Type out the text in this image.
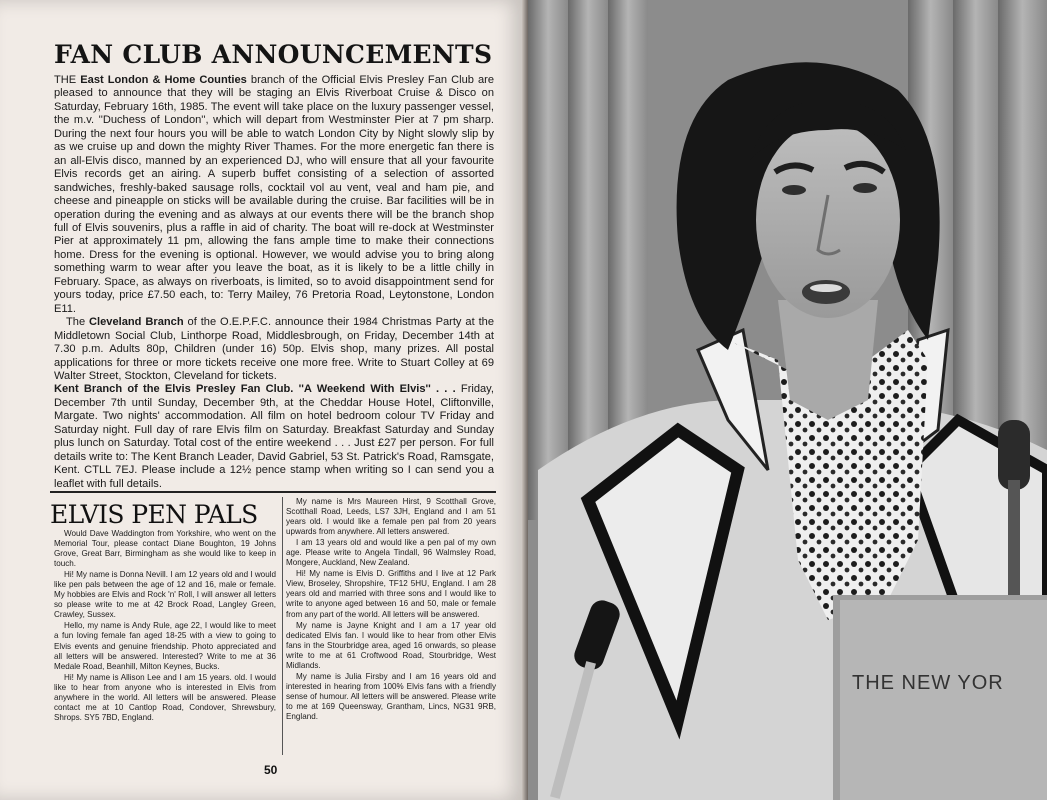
FAN CLUB ANNOUNCEMENTS

THE East London & Home Counties branch of the Official Elvis Presley Fan Club are pleased to announce that they will be staging an Elvis Riverboat Cruise & Disco on Saturday, February 16th, 1985. The event will take place on the luxury passenger vessel, the m.v. ''Duchess of London'', which will depart from Westminster Pier at 7 pm sharp. During the next four hours you will be able to watch London City by Night slowly slip by as we cruise up and down the mighty River Thames. For the more energetic fan there is an all-Elvis disco, manned by an experienced DJ, who will ensure that all your favourite Elvis records get an airing. A superb buffet consisting of a selection of assorted sandwiches, freshly-baked sausage rolls, cocktail vol au vent, veal and ham pie, and cheese and pineapple on sticks will be available during the cruise. Bar facilities will be in operation during the evening and as always at our events there will be the branch shop full of Elvis souvenirs, plus a raffle in aid of charity. The boat will re-dock at Westminster Pier at approximately 11 pm, allowing the fans ample time to make their connections home. Dress for the evening is optional. However, we would advise you to bring along something warm to wear after you leave the boat, as it is likely to be a little chilly in February. Space, as always on riverboats, is limited, so to avoid disappointment send for yours today, price £7.50 each, to: Terry Mailey, 76 Pretoria Road, Leytonstone, London E11.

The Cleveland Branch of the O.E.P.F.C. announce their 1984 Christmas Party at the Middletown Social Club, Linthorpe Road, Middlesbrough, on Friday, December 14th at 7.30 p.m. Adults 80p, Children (under 16) 50p. Elvis shop, many prizes. All postal applications for three or more tickets receive one more free. Write to Stuart Colley at 69 Walter Street, Stockton, Cleveland for tickets.

Kent Branch of the Elvis Presley Fan Club. ''A Weekend With Elvis'' . . . Friday, December 7th until Sunday, December 9th, at the Cheddar House Hotel, Cliftonville, Margate. Two nights' accommodation. All film on hotel bedroom colour TV Friday and Saturday night. Full day of rare Elvis film on Saturday. Breakfast Saturday and Sunday plus lunch on Saturday. Total cost of the entire weekend . . . Just £27 per person. For full details write to: The Kent Branch Leader, David Gabriel, 53 St. Patrick's Road, Ramsgate, Kent. CTLL 7EJ. Please include a 12½ pence stamp when writing so I can send you a leaflet with full details.

ELVIS PEN PALS

Would Dave Waddington from Yorkshire, who went on the Memorial Tour, please contact Diane Boughton, 19 Johns Grove, Great Barr, Birmingham as she would like to keep in touch.

Hi! My name is Donna Nevill. I am 12 years old and I would like pen pals between the age of 12 and 16, male or female. My hobbies are Elvis and Rock 'n' Roll, I will answer all letters so please write to me at 42 Brock Road, Langley Green, Crawley, Sussex.

Hello, my name is Andy Rule, age 22, I would like to meet a fun loving female fan aged 18-25 with a view to going to Elvis events and genuine friendship. Photo appreciated and all letters will be answered. Interested? Write to me at 36 Medale Road, Beanhill, Milton Keynes, Bucks.

Hi! My name is Allison Lee and I am 15 years. old. I would like to hear from anyone who is interested in Elvis from anywhere in the world. All letters will be answered. Please contact me at 10 Cantlop Road, Condover, Shrewsbury, Shrops. SY5 7BD, England.

My name is Mrs Maureen Hirst, 9 Scotthall Grove, Scotthall Road, Leeds, LS7 3JH, England and I am 51 years old. I would like a female pen pal from 20 years upwards from anywhere. All letters answered.

I am 13 years old and would like a pen pal of my own age. Please write to Angela Tindall, 96 Walmsley Road, Mongere, Auckland, New Zealand.

Hi! My name is Elvis D. Griffiths and I live at 12 Park View, Broseley, Shropshire, TF12 5HU, England. I am 28 years old and married with three sons and I would like to write to anyone aged between 16 and 50, male or female from any part of the world. All letters will be answered.

My name is Jayne Knight and I am a 17 year old dedicated Elvis fan. I would like to hear from other Elvis fans in the Stourbridge area, aged 16 onwards, so please write to me at 61 Croftwood Road, Stourbridge, West Midlands.

My name is Julia Firsby and I am 16 years old and interested in hearing from 100% Elvis fans with a friendly sense of humour. All letters will be answered. Please write to me at 169 Queensway, Grantham, Lincs, NG31 9RB, England.

50
THE NEW YOR
